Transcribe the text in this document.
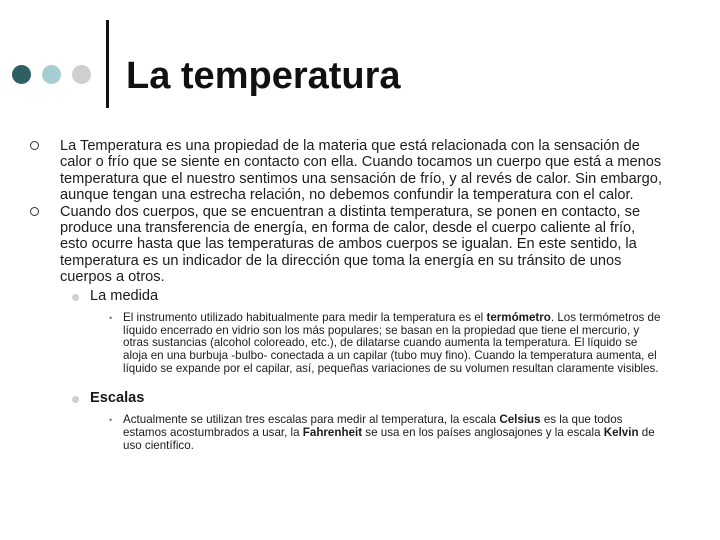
La temperatura
La Temperatura es una propiedad de la materia que está relacionada con la sensación de calor o frío que se siente en contacto con ella. Cuando tocamos un cuerpo que está a menos temperatura que el nuestro sentimos una sensación de frío, y al revés de calor. Sin embargo, aunque tengan una estrecha relación, no debemos confundir la temperatura con el calor.
Cuando dos cuerpos, que se encuentran a distinta temperatura, se ponen en contacto, se produce una transferencia de energía, en forma de calor, desde el cuerpo caliente al frío, esto ocurre hasta que las temperaturas de ambos cuerpos se igualan. En este sentido, la temperatura es un indicador de la dirección que toma la energía en su tránsito de unos cuerpos a otros.
La medida
• El instrumento utilizado habitualmente para medir la temperatura es el termómetro. Los termómetros de líquido encerrado en vidrio son los más populares; se basan en la propiedad que tiene el mercurio, y otras sustancias (alcohol coloreado, etc.), de dilatarse cuando aumenta la temperatura. El líquido se aloja en una burbuja -bulbo- conectada a un capilar (tubo muy fino). Cuando la temperatura aumenta, el líquido se expande por el capilar, así, pequeñas variaciones de su volumen resultan claramente visibles.
Escalas
• Actualmente se utilizan tres escalas para medir al temperatura, la escala Celsius es la que todos estamos acostumbrados a usar, la Fahrenheit se usa en los países anglosajones y la escala Kelvin de uso científico.
